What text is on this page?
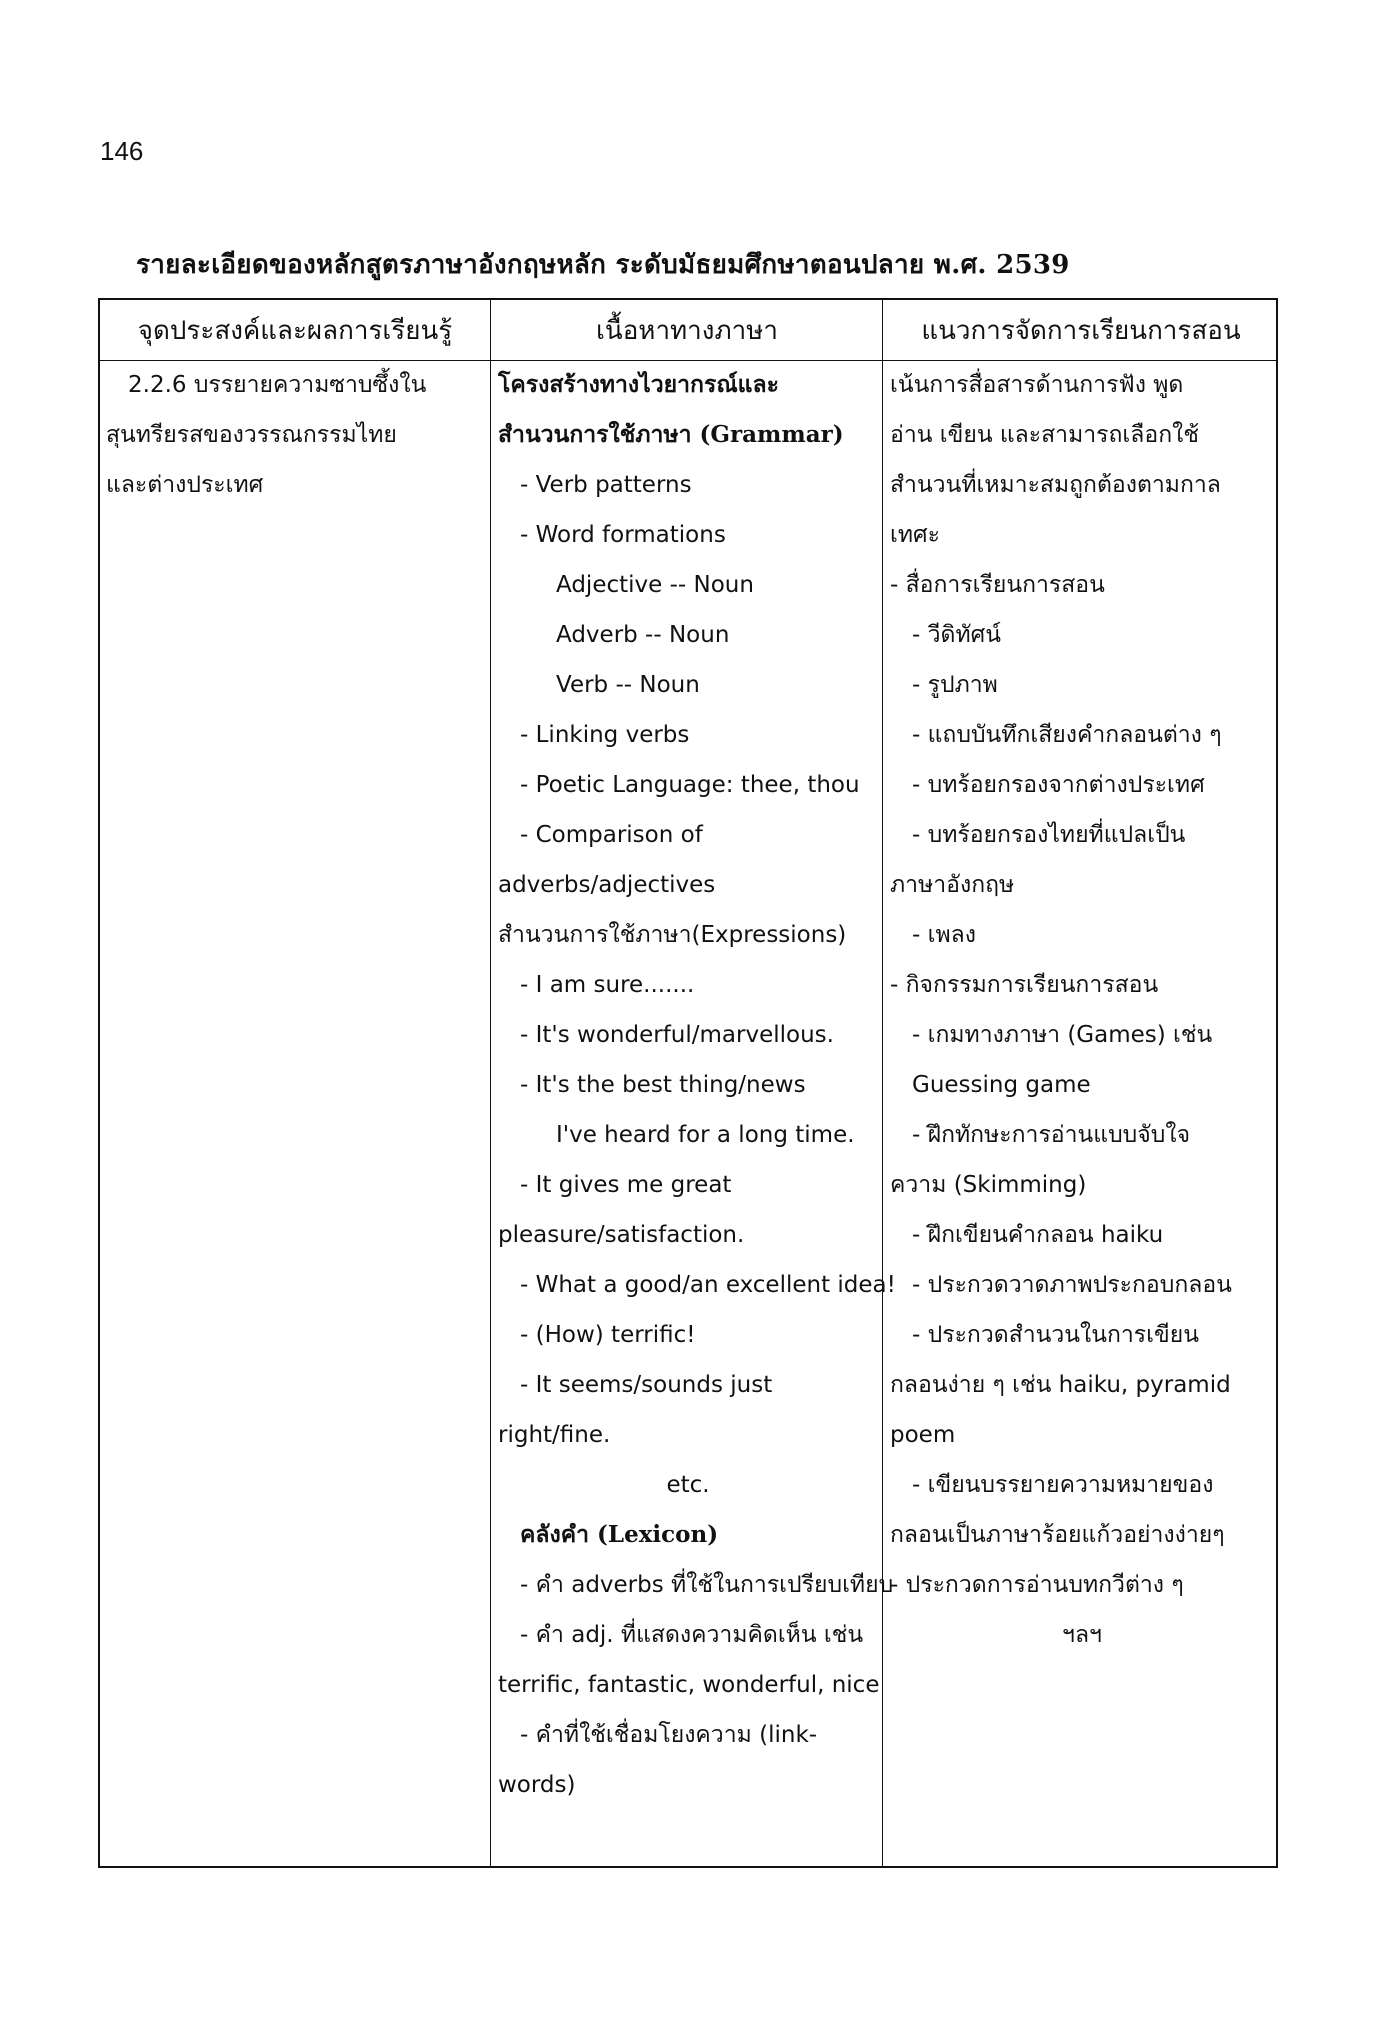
146
รายละเอียดของหลักสูตรภาษาอังกฤษหลัก ระดับมัธยมศึกษาตอนปลาย พ.ศ. 2539
จุดประสงค์และผลการเรียนรู้	เนื้อหาทางภาษา	แนวการจัดการเรียนการสอน
2.2.6 บรรยายความซาบซึ้งใน
สุนทรียรสของวรรณกรรมไทย
และต่างประเทศ
โครงสร้างทางไวยากรณ์และ
สำนวนการใช้ภาษา (Grammar)
- Verb patterns
- Word formations
Adjective -- Noun
Adverb -- Noun
Verb -- Noun
- Linking verbs
- Poetic Language: thee, thou
- Comparison of
adverbs/adjectives
สำนวนการใช้ภาษา(Expressions)
- I am sure.......
- It's wonderful/marvellous.
- It's the best thing/news
I've heard for a long time.
- It gives me great
pleasure/satisfaction.
- What a good/an excellent idea!
- (How) terrific!
- It seems/sounds just
right/fine.
etc.
คลังคำ (Lexicon)
- คำ adverbs ที่ใช้ในการเปรียบเทียบ
- คำ adj. ที่แสดงความคิดเห็น เช่น
terrific, fantastic, wonderful, nice
- คำที่ใช้เชื่อมโยงความ (link-
words)
เน้นการสื่อสารด้านการฟัง พูด
อ่าน เขียน และสามารถเลือกใช้
สำนวนที่เหมาะสมถูกต้องตามกาล
เทศะ
- สื่อการเรียนการสอน
- วีดิทัศน์
- รูปภาพ
- แถบบันทึกเสียงคำกลอนต่าง ๆ
- บทร้อยกรองจากต่างประเทศ
- บทร้อยกรองไทยที่แปลเป็น
ภาษาอังกฤษ
- เพลง
- กิจกรรมการเรียนการสอน
- เกมทางภาษา (Games) เช่น
Guessing game
- ฝึกทักษะการอ่านแบบจับใจ
ความ (Skimming)
- ฝึกเขียนคำกลอน haiku
- ประกวดวาดภาพประกอบกลอน
- ประกวดสำนวนในการเขียน
กลอนง่าย ๆ เช่น haiku, pyramid
poem
- เขียนบรรยายความหมายของ
กลอนเป็นภาษาร้อยแก้วอย่างง่ายๆ
- ประกวดการอ่านบทกวีต่าง ๆ
ฯลฯ
